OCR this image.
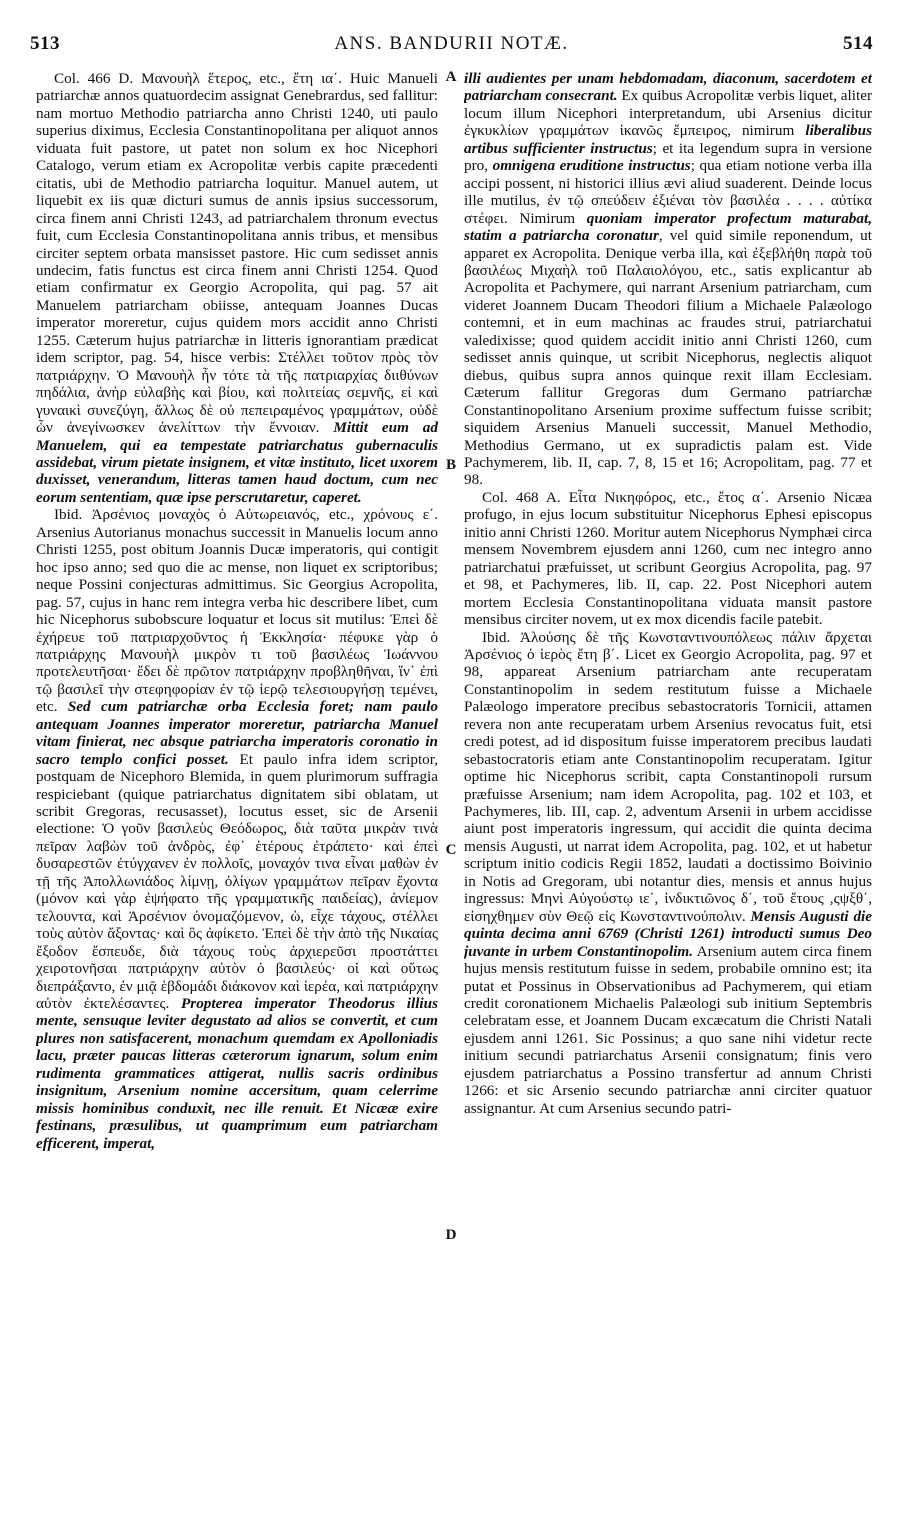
513	ANS. BANDURII NOTÆ.	514
A
B
C
D

Col. 466 D. Μανουὴλ ἕτερος, etc., ἔτη ια΄. Huic Manueli patriarchæ annos quatuordecim assignat Genebrardus, sed fallitur: nam mortuo Methodio patriarcha anno Christi 1240, uti paulo superius diximus, Ecclesia Constantinopolitana per aliquot annos viduata fuit pastore, ut patet non solum ex hoc Nicephori Catalogo, verum etiam ex Acropolitæ verbis capite præcedenti citatis, ubi de Methodio patriarcha loquitur. Manuel autem, ut liquebit ex iis quæ dicturi sumus de annis ipsius successorum, circa finem anni Christi 1243, ad patriarchalem thronum evectus fuit, cum Ecclesia Constantinopolitana annis tribus, et mensibus circiter septem orbata mansisset pastore. Hic cum sedisset annis undecim, fatis functus est circa finem anni Christi 1254. Quod etiam confirmatur ex Georgio Acropolita, qui pag. 57 ait Manuelem patriarcham obiisse, antequam Joannes Ducas imperator moreretur, cujus quidem mors accidit anno Christi 1255. Cæterum hujus patriarchæ in litteris ignorantiam prædicat idem scriptor, pag. 54, hisce verbis: Στέλλει τοῦτον πρὸς τὸν πατριάρχην. Ὁ Μανουὴλ ἦν τότε τὰ τῆς πατριαρχίας διιθύνων πηδάλια, ἀνὴρ εὐλαβὴς καὶ βίου, καὶ πολιτείας σεμνῆς, εἰ καὶ γυναικὶ συνεζύγη, ἄλλως δὲ οὐ πεπειραμένος γραμμάτων, οὐδὲ ὧν ἀνεγίνωσκεν ἀνελίττων τὴν ἔννοιαν. Mittit eum ad Manuelem, qui ea tempestate patriarchatus gubernaculis assidebat, virum pietate insignem, et vitæ instituto, licet uxorem duxisset, venerandum, litteras tamen haud doctum, cum nec eorum sententiam, quæ ipse perscrutaretur, caperet.

Ibid. Ἀρσένιος μοναχὸς ὁ Αὐτωρειανός, etc., χρόνους ε΄. Arsenius Autorianus monachus successit in Manuelis locum anno Christi 1255, post obitum Joannis Ducæ imperatoris, qui contigit hoc ipso anno; sed quo die ac mense, non liquet ex scriptoribus; neque Possini conjecturas admittimus. Sic Georgius Acropolita, pag. 57, cujus in hanc rem integra verba hic describere libet, cum hic Nicephorus subobscure loquatur et locus sit mutilus: Ἐπεὶ δὲ ἐχήρευε τοῦ πατριαρχοῦντος ἡ Ἐκκλησία· πέφυκε γὰρ ὁ πατριάρχης Μανουὴλ μικρὸν τι τοῦ βασιλέως Ἰωάννου προτελευτῆσαι· ἔδει δὲ πρῶτον πατριάρχην προβληθῆναι, ἵν᾽ ἐπὶ τῷ βασιλεῖ τὴν στεφηφορίαν ἐν τῷ ἱερῷ τελεσιουργήσῃ τεμένει, etc. Sed cum patriarchæ orba Ecclesia foret; nam paulo antequam Joannes imperator moreretur, patriarcha Manuel vitam finierat, nec absque patriarcha imperatoris coronatio in sacro templo confici posset. Et paulo infra idem scriptor, postquam de Nicephoro Blemida, in quem plurimorum suffragia respiciebant (quique patriarchatus dignitatem sibi oblatam, ut scribit Gregoras, recusasset), locutus esset, sic de Arsenii electione: Ὁ γοῦν βασιλεὺς Θεόδωρος, διὰ ταῦτα μικρὰν τινὰ πεῖραν λαβὼν τοῦ ἀνδρὸς, ἐφ᾽ ἑτέρους ἐτράπετο· καὶ ἐπεὶ δυσαρεστῶν ἐτύγχανεν ἐν πολλοῖς, μοναχόν τινα εἶναι μαθὼν ἐν τῇ τῆς Ἀπολλωνιάδος λίμνῃ, ὀλίγων γραμμάτων πεῖραν ἔχοντα (μόνον καὶ γὰρ ἐψήφατο τῆς γραμματικῆς παιδείας), ἀνίεμον τελουντα, καὶ Ἀρσένιον ὀνομαζόμενον, ὡ, εἶχε τάχους, στέλλει τοὺς αὐτὸν ἄξοντας· καὶ ὃς ἀφίκετο. Ἐπεὶ δὲ τὴν ἀπὸ τῆς Νικαίας ἔξοδον ἔσπευδε, διὰ τάχους τοὺς ἀρχιερεῦσι προστάττει χειροτονῆσαι πατριάρχην αὐτὸν ὁ βασιλεύς· οἱ καὶ οὕτως διεπράξαντο, ἐν μιᾷ ἑβδομάδι διάκονον καὶ ἱερέα, καὶ πατριάρχην αὐτὸν ἐκτελέσαντες. Propterea imperator Theodorus illius mente, sensuque leviter degustato ad alios se convertit, et cum plures non satisfacerent, monachum quemdam ex Apolloniadis lacu, præter paucas litteras cæterorum ignarum, solum enim rudimenta grammatices attigerat, nullis sacris ordinibus insignitum, Arsenium nomine accersitum, quam celerrime missis hominibus conduxit, nec ille renuit. Et Nicææ exire festinans, præsulibus, ut quamprimum eum patriarcham efficerent, imperat,

illi audientes per unam hebdomadam, diaconum, sacerdotem et patriarcham consecrant. Ex quibus Acropolitæ verbis liquet, aliter locum illum Nicephori interpretandum, ubi Arsenius dicitur ἐγκυκλίων γραμμάτων ἱκανῶς ἔμπειρος, nimirum liberalibus artibus sufficienter instructus; et ita legendum supra in versione pro, omnigena eruditione instructus; qua etiam notione verba illa accipi possent, ni historici illius ævi aliud suaderent. Deinde locus ille mutilus, ἐν τῷ σπεύδειν ἐξιέναι τὸν βασιλέα . . . . αὐτίκα στέφει. Nimirum quoniam imperator profectum maturabat, statim a patriarcha coronatur, vel quid simile reponendum, ut apparet ex Acropolita. Denique verba illa, καὶ ἐξεβλήθη παρὰ τοῦ βασιλέως Μιχαὴλ τοῦ Παλαιολόγου, etc., satis explicantur ab Acropolita et Pachymere, qui narrant Arsenium patriarcham, cum videret Joannem Ducam Theodori filium a Michaele Palæologo contemni, et in eum machinas ac fraudes strui, patriarchatui valedixisse; quod quidem accidit initio anni Christi 1260, cum sedisset annis quinque, ut scribit Nicephorus, neglectis aliquot diebus, quibus supra annos quinque rexit illam Ecclesiam. Cæterum fallitur Gregoras dum Germano patriarchæ Constantinopolitano Arsenium proxime suffectum fuisse scribit; siquidem Arsenius Manueli successit, Manuel Methodio, Methodius Germano, ut ex supradictis palam est. Vide Pachymerem, lib. II, cap. 7, 8, 15 et 16; Acropolitam, pag. 77 et 98.

Col. 468 A. Εἶτα Νικηφόρος, etc., ἔτος α΄. Arsenio Nicæa profugo, in ejus locum substituitur Nicephorus Ephesi episcopus initio anni Christi 1260. Moritur autem Nicephorus Nymphæi circa mensem Novembrem ejusdem anni 1260, cum nec integro anno patriarchatui præfuisset, ut scribunt Georgius Acropolita, pag. 97 et 98, et Pachymeres, lib. II, cap. 22. Post Nicephori autem mortem Ecclesia Constantinopolitana viduata mansit pastore mensibus circiter novem, ut ex mox dicendis facile patebit.

Ibid. Ἀλούσης δὲ τῆς Κωνσταντινουπόλεως πάλιν ἄρχεται Ἀρσένιος ὁ ἱερὸς ἔτη β΄. Licet ex Georgio Acropolita, pag. 97 et 98, appareat Arsenium patriarcham ante recuperatam Constantinopolim in sedem restitutum fuisse a Michaele Palæologo imperatore precibus sebastocratoris Tornicii, attamen revera non ante recuperatam urbem Arsenius revocatus fuit, etsi credi potest, ad id dispositum fuisse imperatorem precibus laudati sebastocratoris etiam ante Constantinopolim recuperatam. Igitur optime hic Nicephorus scribit, capta Constantinopoli rursum præfuisse Arsenium; nam idem Acropolita, pag. 102 et 103, et Pachymeres, lib. III, cap. 2, adventum Arsenii in urbem accidisse aiunt post imperatoris ingressum, qui accidit die quinta decima mensis Augusti, ut narrat idem Acropolita, pag. 102, et ut habetur scriptum initio codicis Regii 1852, laudati a doctissimo Boivinio in Notis ad Gregoram, ubi notantur dies, mensis et annus hujus ingressus: Μηνὶ Αὐγούστῳ ιε΄, ἰνδικτιῶνος δ΄, τοῦ ἔτους ,ςψξθ΄, εἰσηχθημεν σὺν Θεῷ εἰς Κωνσταντινούπολιν. Mensis Augusti die quinta decima anni 6769 (Christi 1261) introducti sumus Deo juvante in urbem Constantinopolim. Arsenium autem circa finem hujus mensis restitutum fuisse in sedem, probabile omnino est; ita putat et Possinus in Observationibus ad Pachymerem, qui etiam credit coronationem Michaelis Palæologi sub initium Septembris celebratam esse, et Joannem Ducam excæcatum die Christi Natali ejusdem anni 1261. Sic Possinus; a quo sane nihi videtur recte initium secundi patriarchatus Arsenii consignatum; finis vero ejusdem patriarchatus a Possino transfertur ad annum Christi 1266: et sic Arsenio secundo patriarchæ anni circiter quatuor assignantur. At cum Arsenius secundo patri-
